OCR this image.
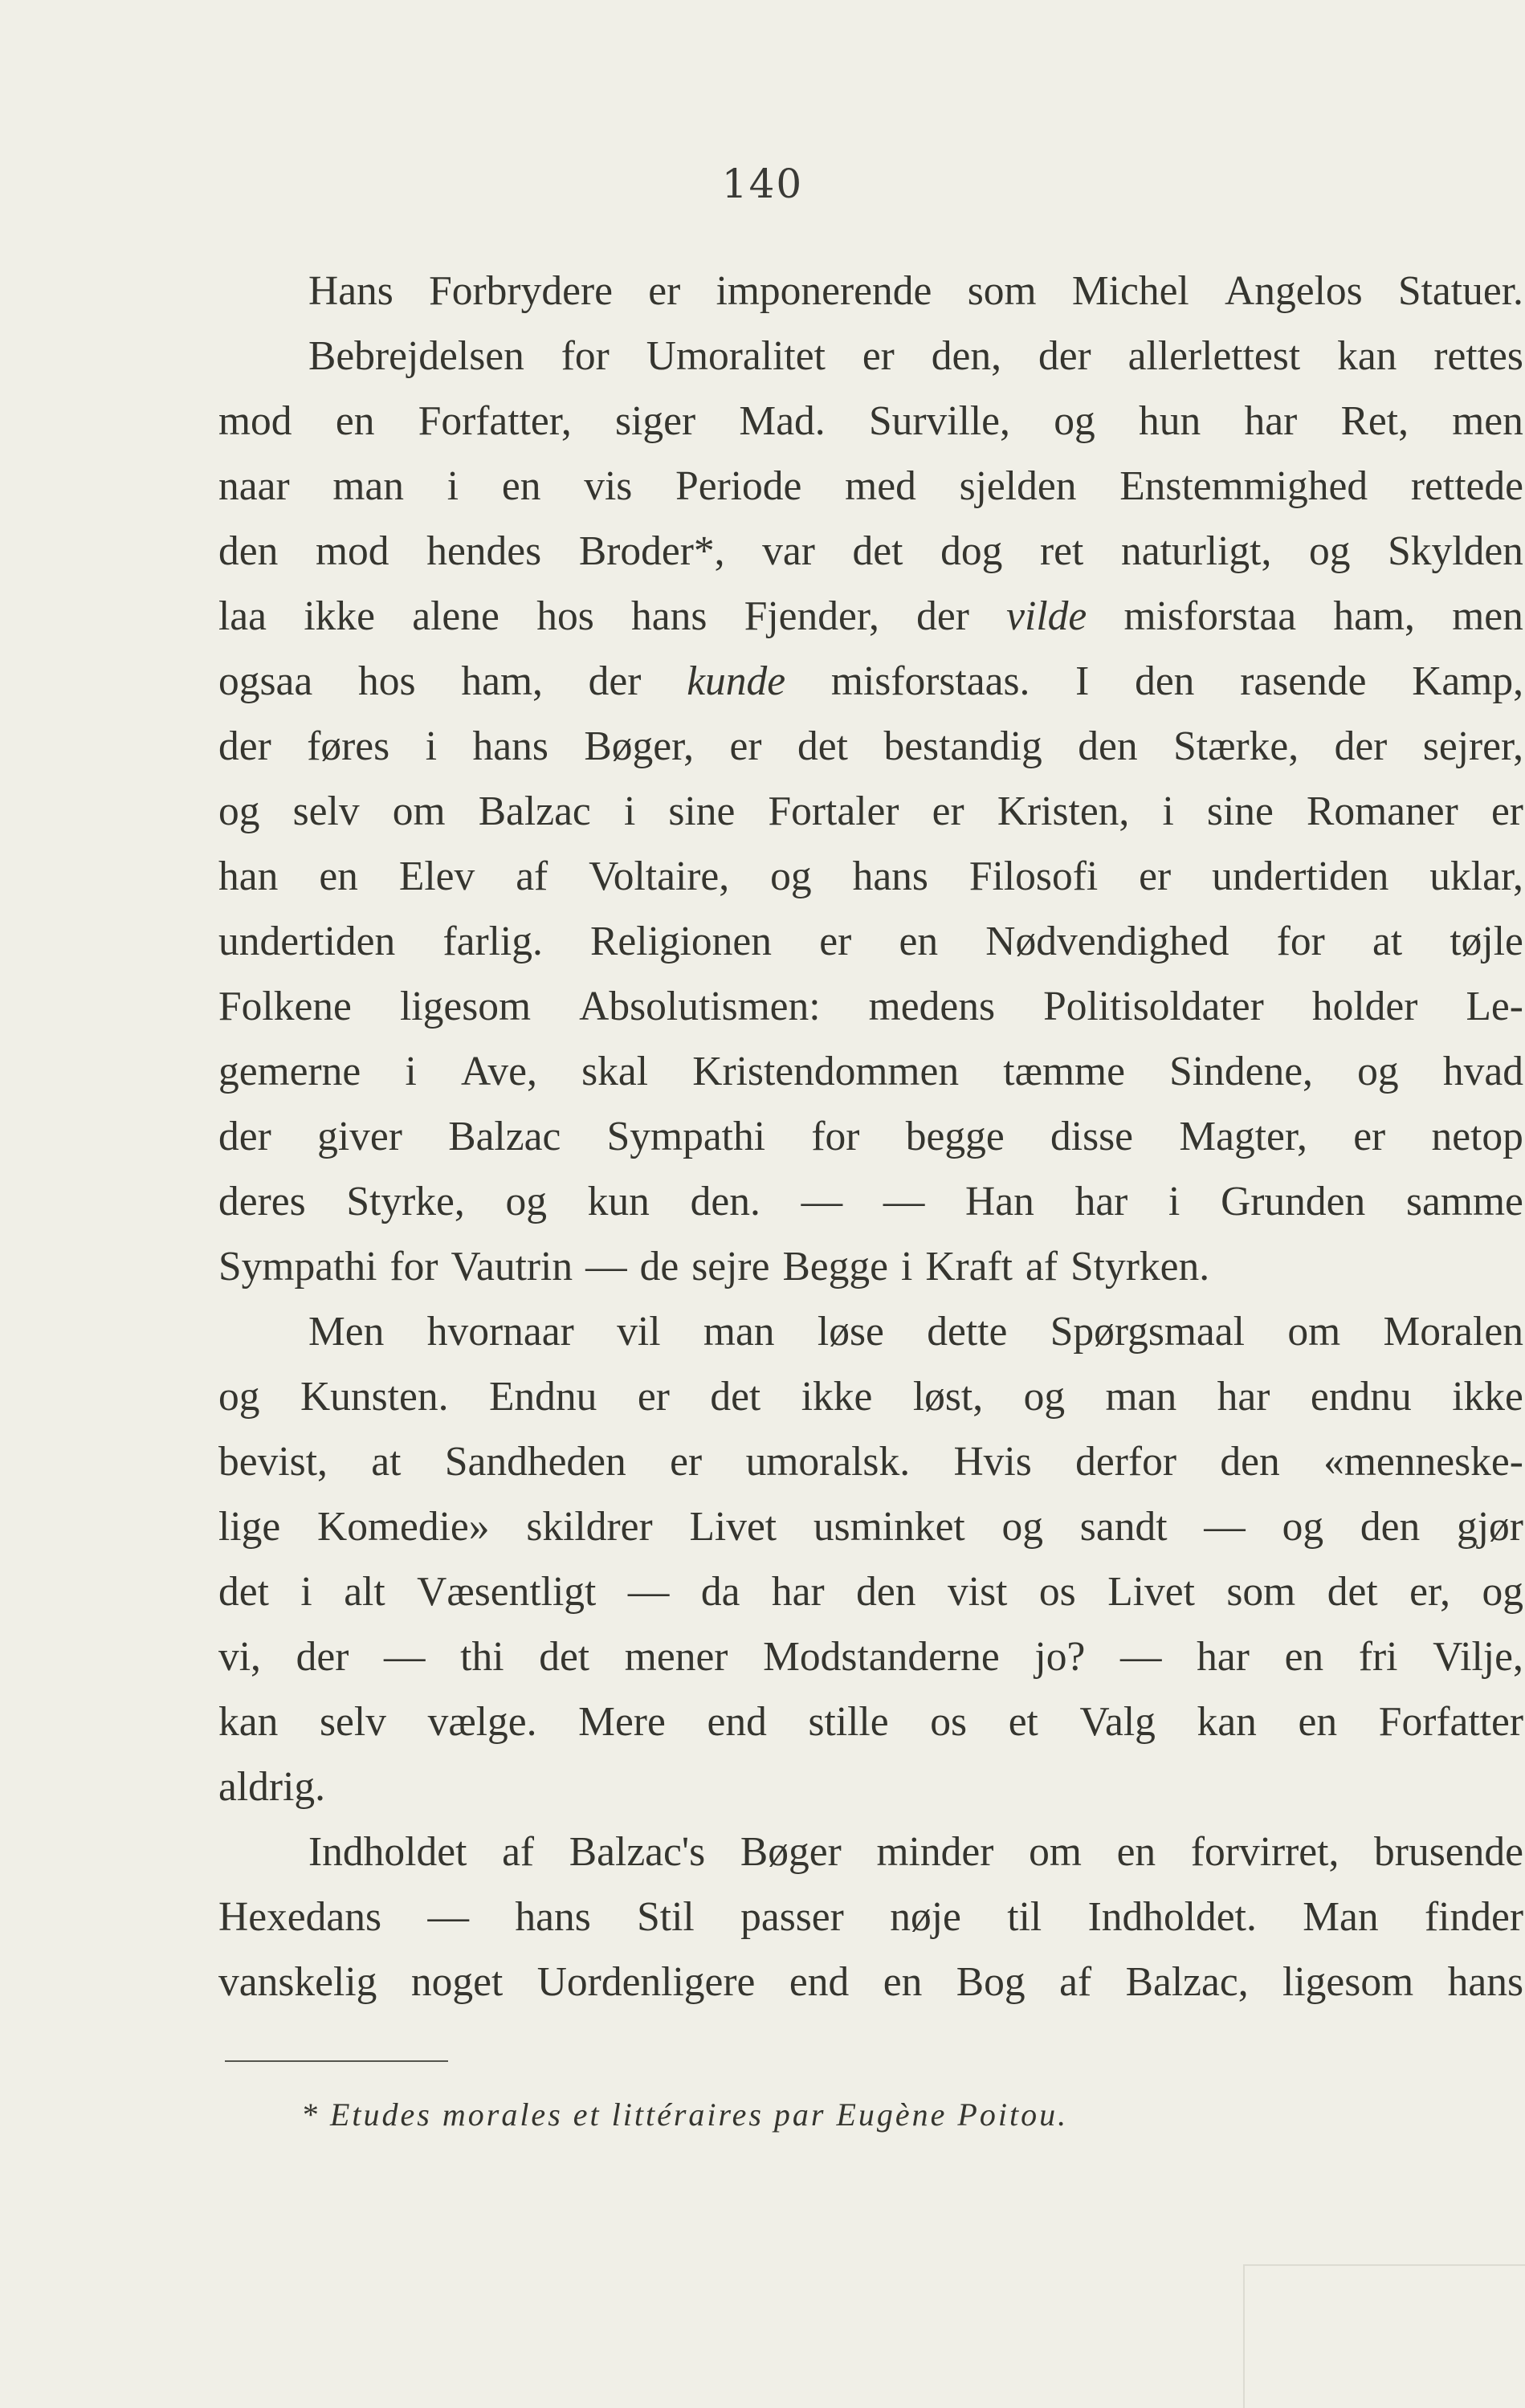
140
Hans Forbrydere er imponerende som Michel Angelos Statuer.
Bebrejdelsen for Umoralitet er den, der allerlettest kan rettes
mod en Forfatter, siger Mad. Surville, og hun har Ret, men
naar man i en vis Periode med sjelden Enstemmighed rettede
den mod hendes Broder*, var det dog ret naturligt, og Skylden
laa ikke alene hos hans Fjender, der vilde misforstaa ham, men
ogsaa hos ham, der kunde misforstaas. I den rasende Kamp,
der føres i hans Bøger, er det bestandig den Stærke, der sejrer,
og selv om Balzac i sine Fortaler er Kristen, i sine Romaner er
han en Elev af Voltaire, og hans Filosofi er undertiden uklar,
undertiden farlig. Religionen er en Nødvendighed for at tøjle
Folkene ligesom Absolutismen: medens Politisoldater holder Le-
gemerne i Ave, skal Kristendommen tæmme Sindene, og hvad
der giver Balzac Sympathi for begge disse Magter, er netop
deres Styrke, og kun den. — — Han har i Grunden samme
Sympathi for Vautrin — de sejre Begge i Kraft af Styrken.
Men hvornaar vil man løse dette Spørgsmaal om Moralen
og Kunsten. Endnu er det ikke løst, og man har endnu ikke
bevist, at Sandheden er umoralsk. Hvis derfor den «menneske-
lige Komedie» skildrer Livet usminket og sandt — og den gjør
det i alt Væsentligt — da har den vist os Livet som det er, og
vi, der — thi det mener Modstanderne jo? — har en fri Vilje,
kan selv vælge. Mere end stille os et Valg kan en Forfatter
aldrig.
Indholdet af Balzac's Bøger minder om en forvirret, brusende
Hexedans — hans Stil passer nøje til Indholdet. Man finder
vanskelig noget Uordenligere end en Bog af Balzac, ligesom hans
* Etudes morales et littéraires par Eugène Poitou.
